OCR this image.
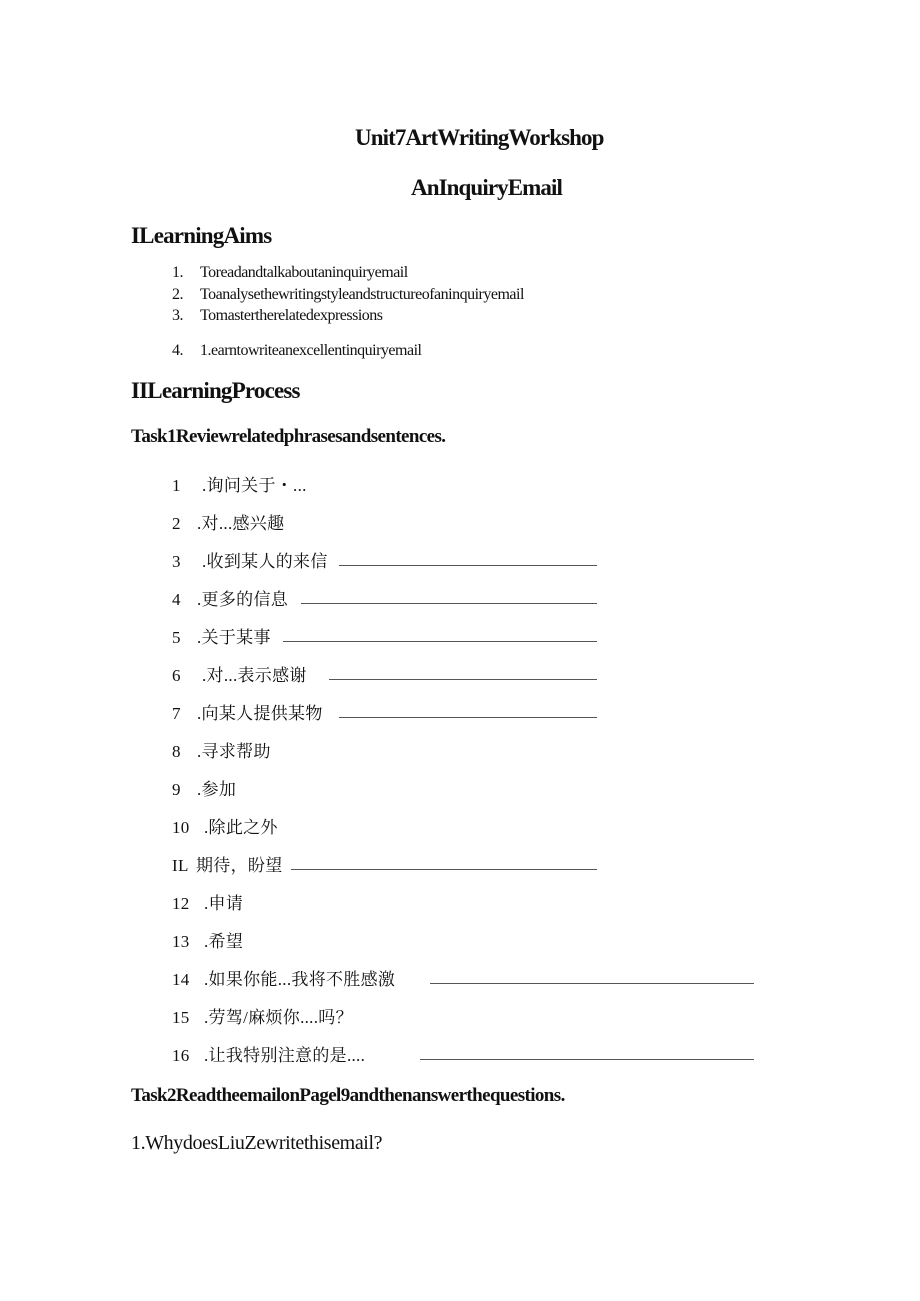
Unit7ArtWritingWorkshop
AnInquiryEmail
ILearningAims
1. Toreadandtalkaboutaninquiryemail
2. Toanalysethewritingstyleandstructureofaninquiryemail
3. Tomastertherelatedexpressions
4. 1.earntowriteanexcellentinquiryemail
IILearningProcess
Task1Reviewrelatedphrasesandsentences.
1 .询问关于・...
2 .对...感兴趣
3 .收到某人的来信
4 .更多的信息
5 .关于某事
6 .对...表示感谢
7 .向某人提供某物
8 .寻求帮助
9 .参加
10 .除此之外
IL 期待，盼望
12 .申请
13 .希望
14 .如果你能...我将不胜感激
15 .劳驾/麻烦你....吗？
16 .让我特别注意的是....
Task2ReadtheemailonPagel9andthenanswerthequestions.
1.WhydoesLiuZewritethisemail?
